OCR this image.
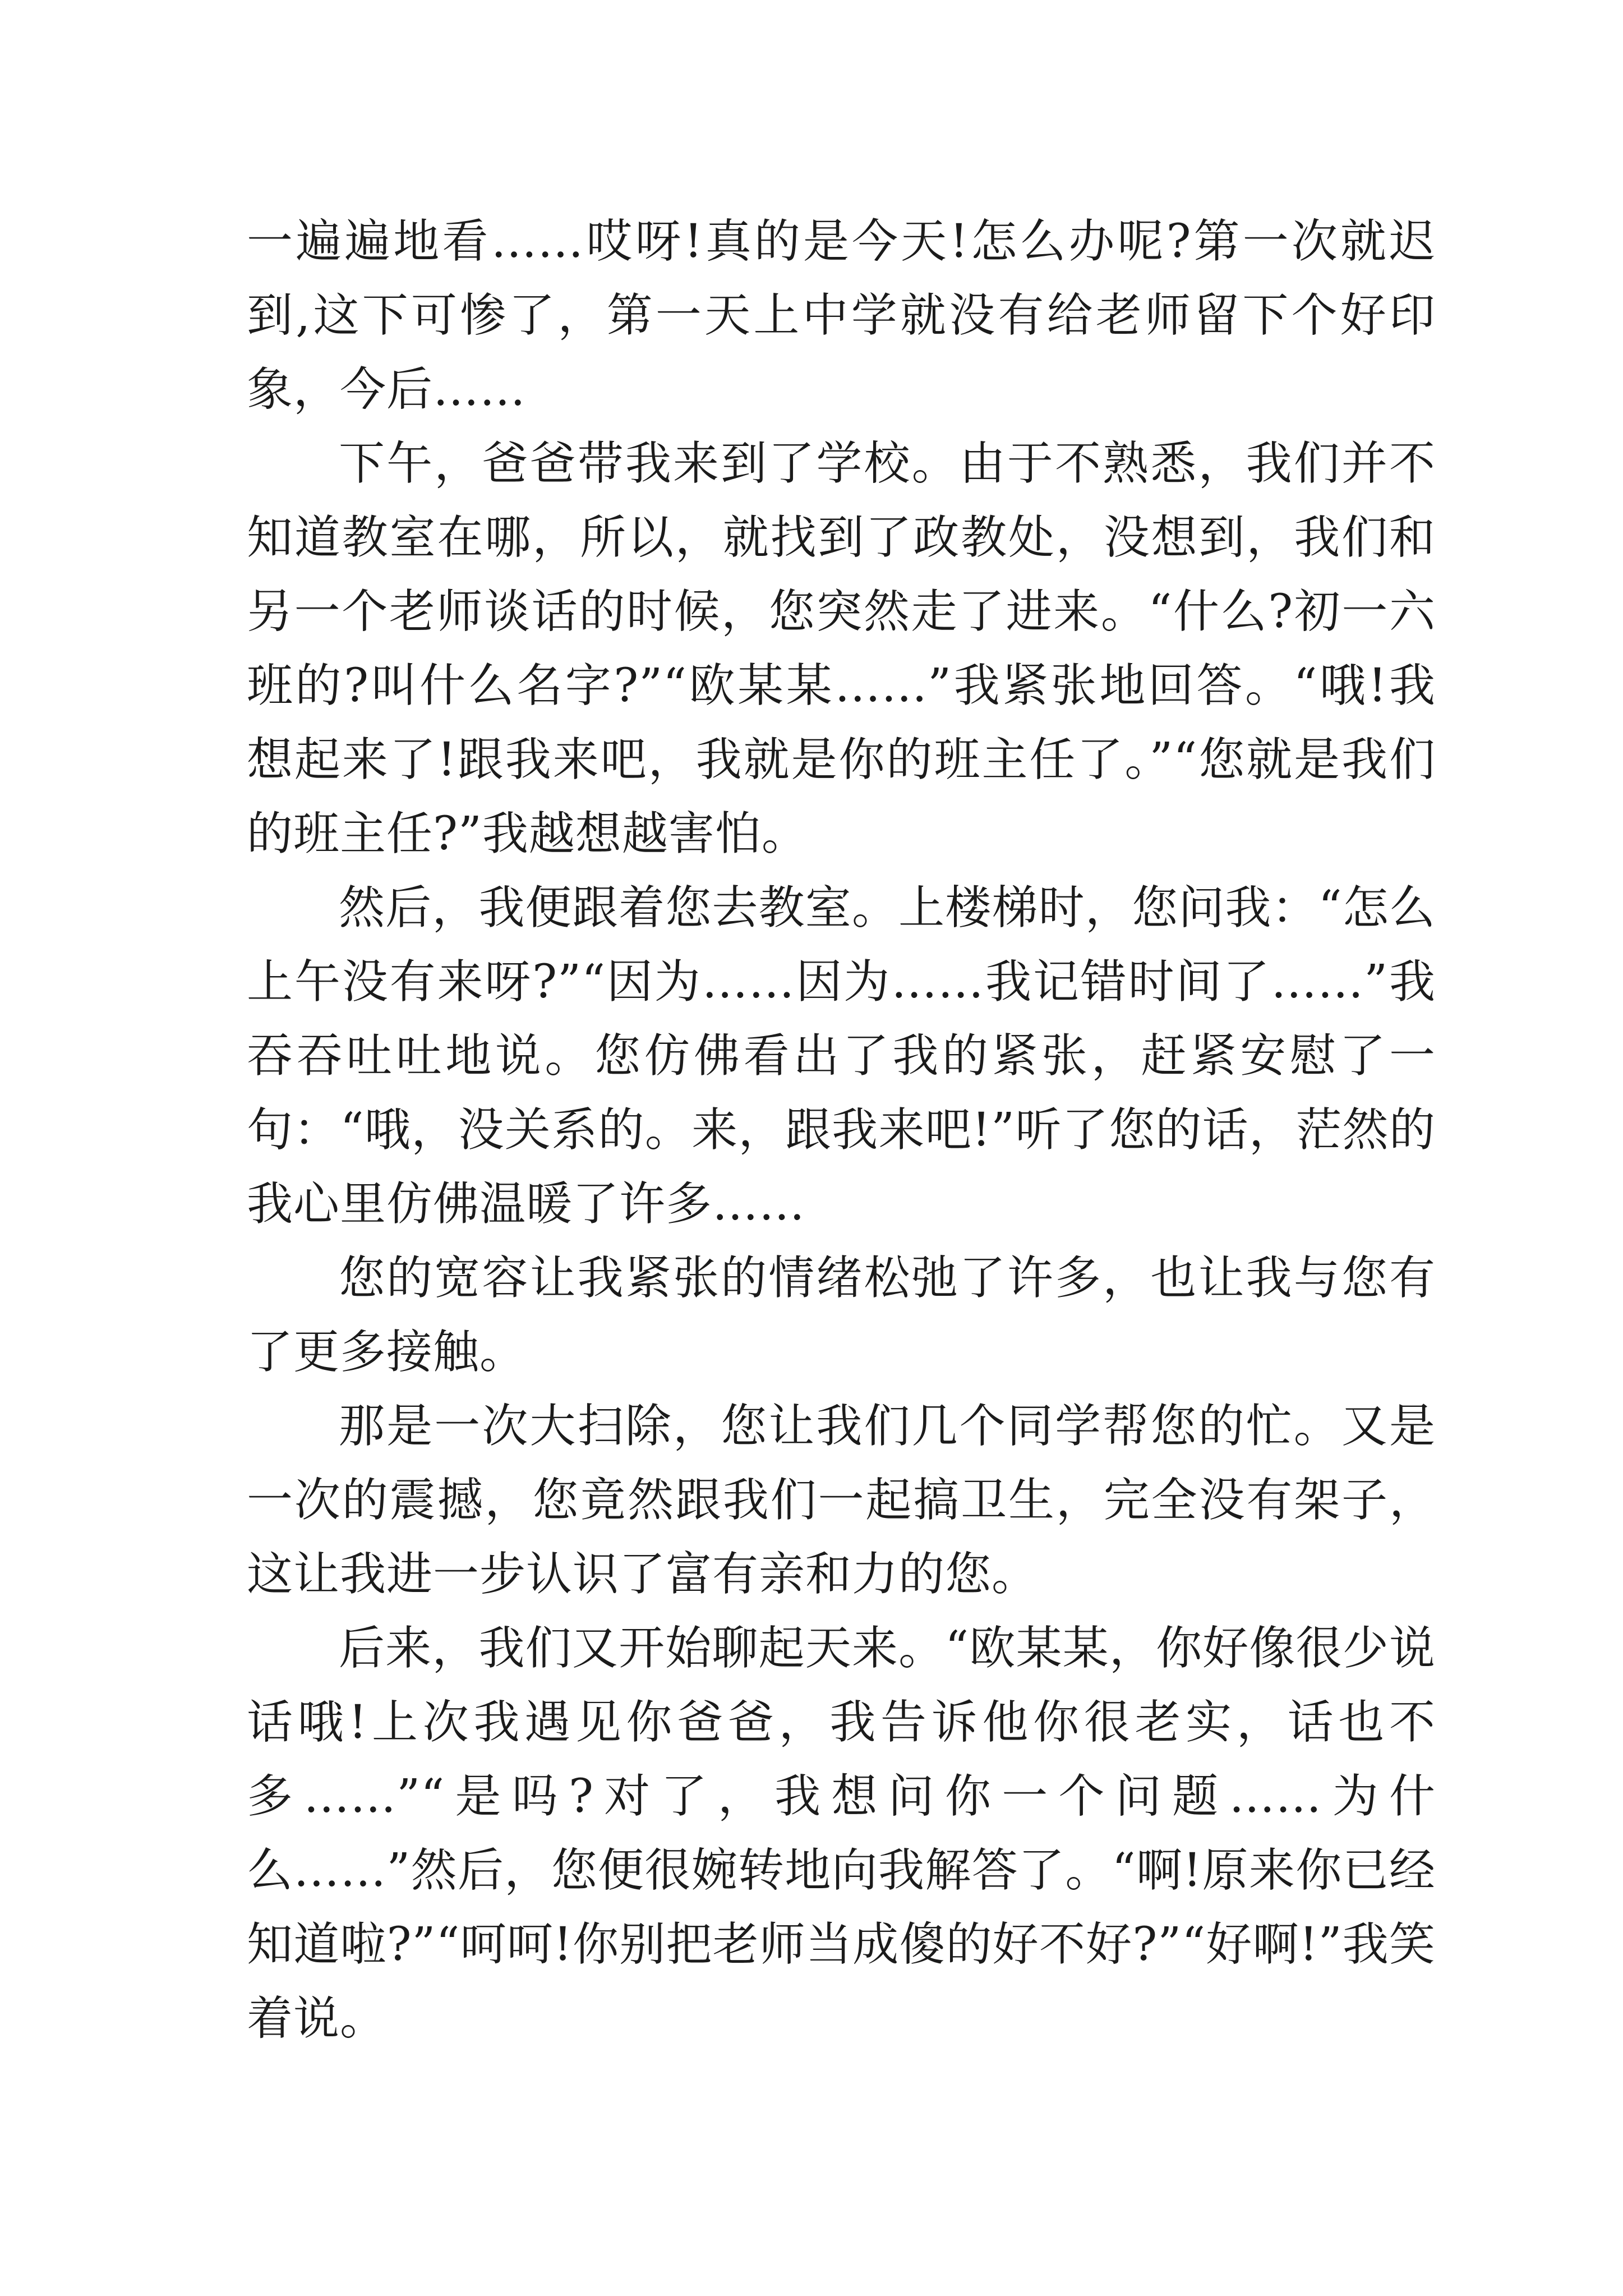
一遍遍地看……哎呀!真的是今天!怎么办呢?第一次就迟到,这下可惨了，第一天上中学就没有给老师留下个好印象，今后……

下午，爸爸带我来到了学校。由于不熟悉，我们并不知道教室在哪，所以，就找到了政教处，没想到，我们和另一个老师谈话的时候，您突然走了进来。“什么?初一六班的?叫什么名字?”“欧某某……”我紧张地回答。“哦!我想起来了!跟我来吧，我就是你的班主任了。”“您就是我们的班主任?”我越想越害怕。

然后，我便跟着您去教室。上楼梯时，您问我：“怎么上午没有来呀?”“因为……因为……我记错时间了……”我吞吞吐吐地说。您仿佛看出了我的紧张，赶紧安慰了一句：“哦，没关系的。来，跟我来吧!”听了您的话，茫然的我心里仿佛温暖了许多……

您的宽容让我紧张的情绪松弛了许多，也让我与您有了更多接触。

那是一次大扫除，您让我们几个同学帮您的忙。又是一次的震撼，您竟然跟我们一起搞卫生，完全没有架子，这让我进一步认识了富有亲和力的您。

后来，我们又开始聊起天来。“欧某某，你好像很少说话哦!上次我遇见你爸爸，我告诉他你很老实，话也不多……”“是吗?对了，我想问你一个问题……为什么……”然后，您便很婉转地向我解答了。“啊!原来你已经知道啦?”“呵呵!你别把老师当成傻的好不好?”“好啊!”我笑着说。
